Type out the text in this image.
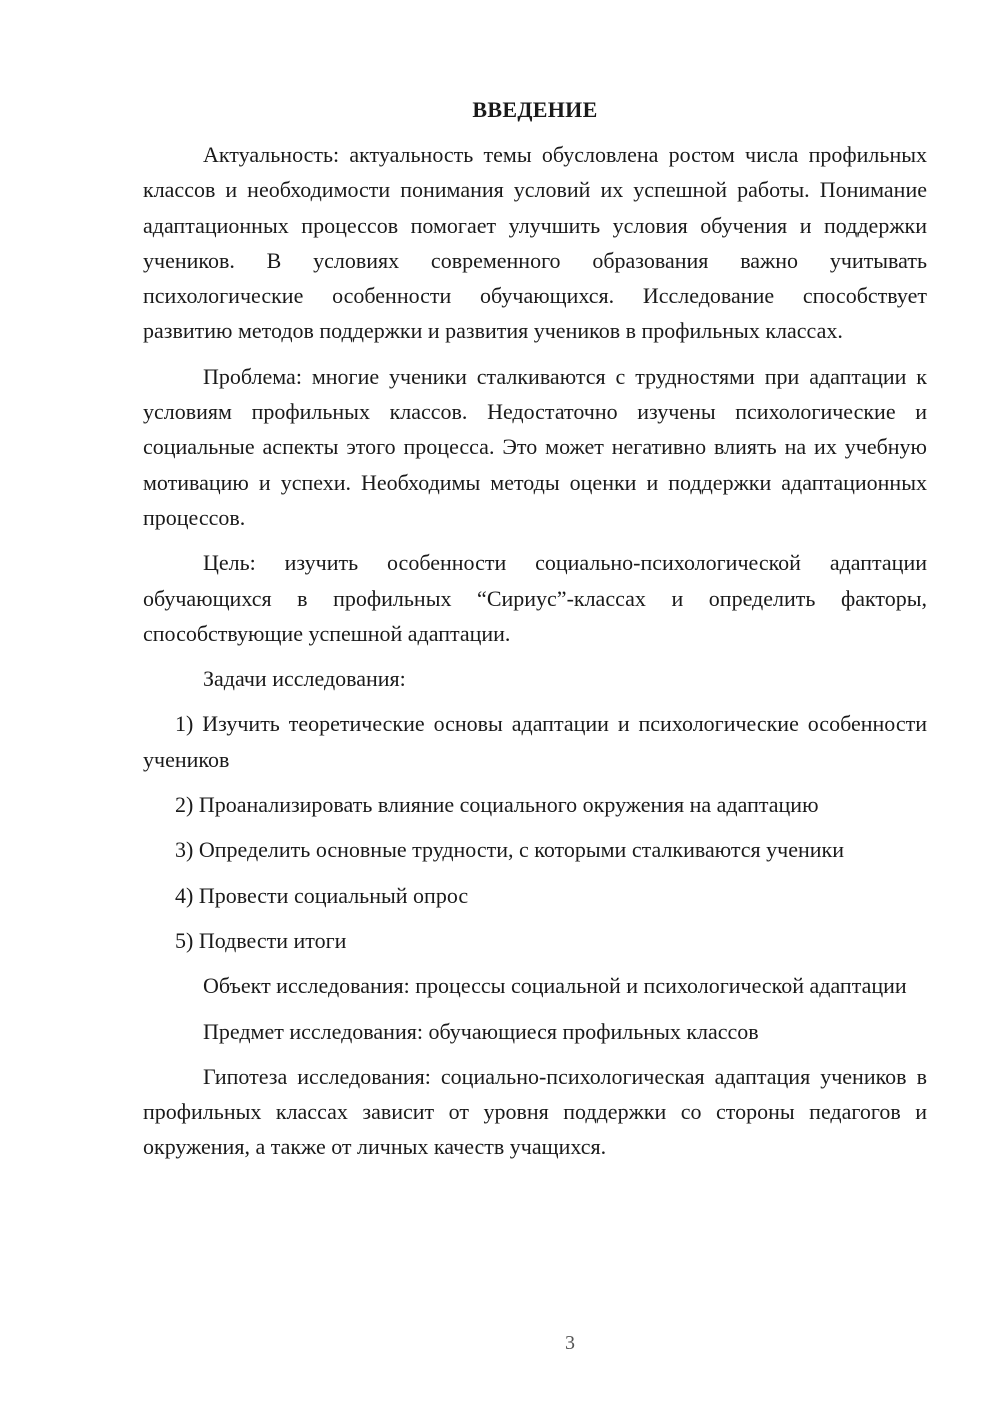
ВВЕДЕНИЕ

Актуальность: актуальность темы обусловлена ростом числа профильных классов и необходимости понимания условий их успешной работы. Понимание адаптационных процессов помогает улучшить условия обучения и поддержки учеников. В условиях современного образования важно учитывать психологические особенности обучающихся. Исследование способствует развитию методов поддержки и развития учеников в профильных классах.

Проблема: многие ученики сталкиваются с трудностями при адаптации к условиям профильных классов. Недостаточно изучены психологические и социальные аспекты этого процесса. Это может негативно влиять на их учебную мотивацию и успехи. Необходимы методы оценки и поддержки адаптационных процессов.

Цель: изучить особенности социально-психологической адаптации обучающихся в профильных “Сириус”-классах и определить факторы, способствующие успешной адаптации.

Задачи исследования:

1) Изучить теоретические основы адаптации и психологические особенности учеников

2) Проанализировать влияние социального окружения на адаптацию

3) Определить основные трудности, с которыми сталкиваются ученики

4) Провести социальный опрос

5) Подвести итоги

Объект исследования: процессы социальной и психологической адаптации

Предмет исследования: обучающиеся профильных классов

Гипотеза исследования: социально-психологическая адаптация учеников в профильных классах зависит от уровня поддержки со стороны педагогов и окружения, а также от личных качеств учащихся.

3
